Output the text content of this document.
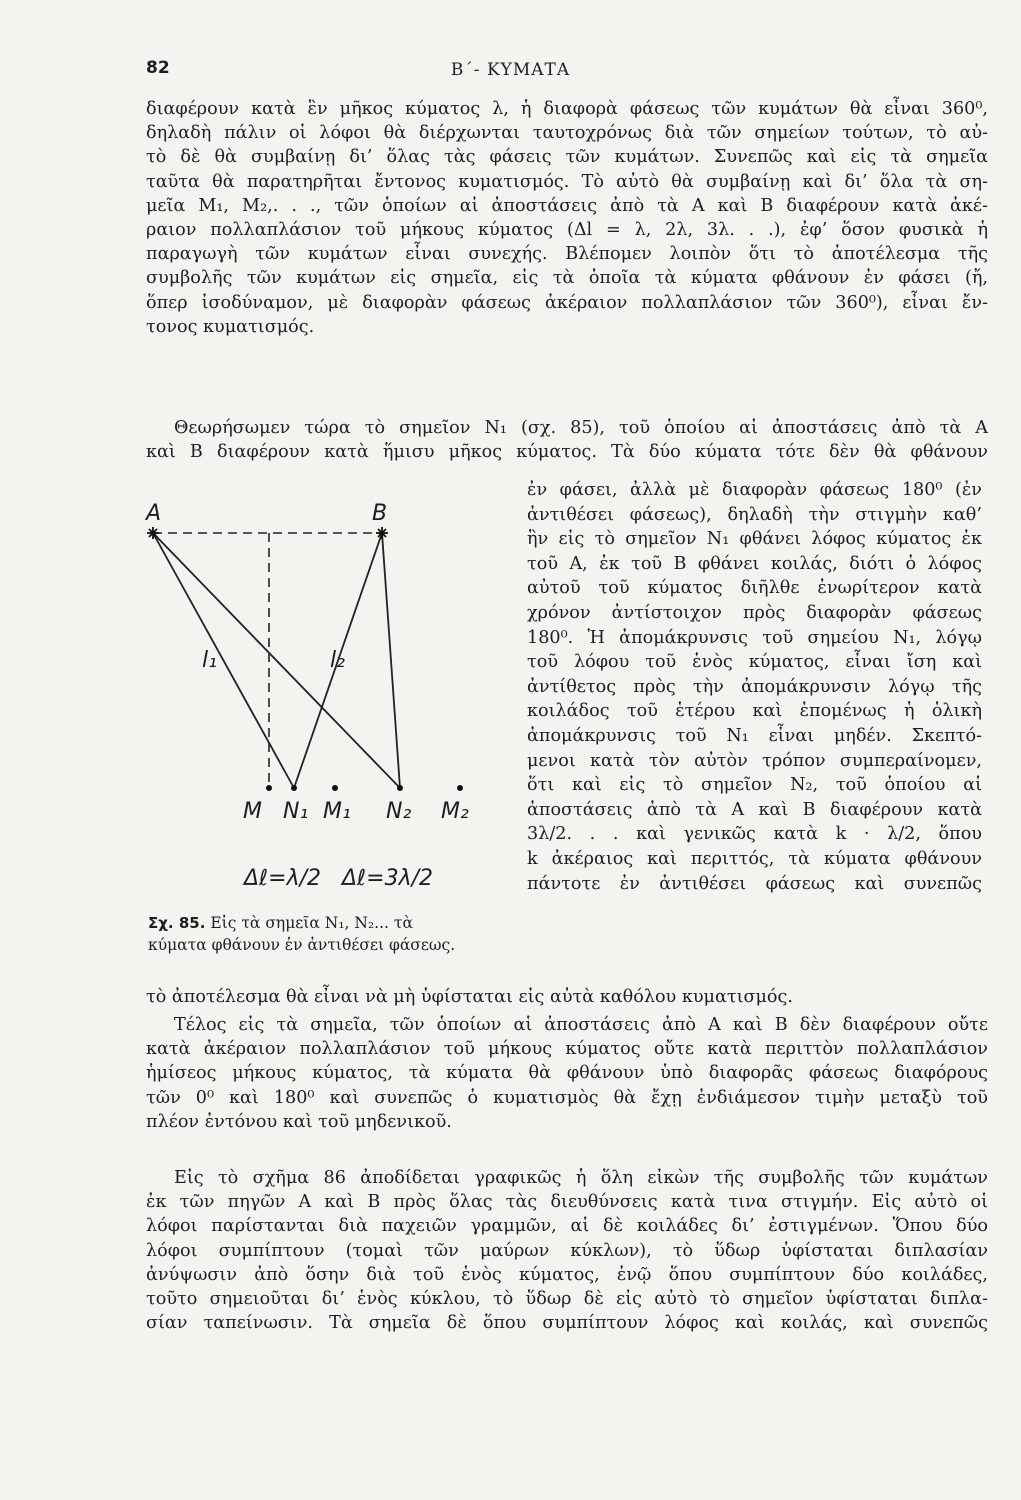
82	Β΄- ΚΥΜΑΤΑ
διαφέρουν κατὰ ἓν μῆκος κύματος λ, ἡ διαφορὰ φάσεως τῶν κυμάτων θὰ εἶναι 360⁰,
δηλαδὴ πάλιν οἱ λόφοι θὰ διέρχωνται ταυτοχρόνως διὰ τῶν σημείων τούτων, τὸ αὐ-
τὸ δὲ θὰ συμβαίνῃ δι’ ὅλας τὰς φάσεις τῶν κυμάτων. Συνεπῶς καὶ εἰς τὰ σημεῖα
ταῦτα θὰ παρατηρῆται ἔντονος κυματισμός. Τὸ αὐτὸ θὰ συμβαίνῃ καὶ δι’ ὅλα τὰ ση-
μεῖα M₁, M₂,. . ., τῶν ὁποίων αἱ ἀποστάσεις ἀπὸ τὰ A καὶ B διαφέρουν κατὰ ἀκέ-
ραιον πολλαπλάσιον τοῦ μήκους κύματος (Δl = λ, 2λ, 3λ. . .), ἐφ’ ὅσον φυσικὰ ἡ
παραγωγὴ τῶν κυμάτων εἶναι συνεχής. Βλέπομεν λοιπὸν ὅτι τὸ ἀποτέλεσμα τῆς
συμβολῆς τῶν κυμάτων εἰς σημεῖα, εἰς τὰ ὁποῖα τὰ κύματα φθάνουν ἐν φάσει (ἤ,
ὅπερ ἰσοδύναμον, μὲ διαφορὰν φάσεως ἀκέραιον πολλαπλάσιον τῶν 360⁰), εἶναι ἔν-
τονος κυματισμός.
Θεωρήσωμεν τώρα τὸ σημεῖον N₁ (σχ. 85), τοῦ ὁποίου αἱ ἀποστάσεις ἀπὸ τὰ A
καὶ B διαφέρουν κατὰ ἥμισυ μῆκος κύματος. Τὰ δύο κύματα τότε δὲν θὰ φθάνουν
ἐν φάσει, ἀλλὰ μὲ διαφορὰν φάσεως 180⁰ (ἐν
ἀντιθέσει φάσεως), δηλαδὴ τὴν στιγμὴν καθ’
ἣν εἰς τὸ σημεῖον N₁ φθάνει λόφος κύματος ἐκ
τοῦ A, ἐκ τοῦ B φθάνει κοιλάς, διότι ὁ λόφος
αὐτοῦ τοῦ κύματος διῆλθε ἐνωρίτερον κατὰ
χρόνον ἀντίστοιχον πρὸς διαφορὰν φάσεως
180⁰. Ἡ ἀπομάκρυνσις τοῦ σημείου N₁, λόγῳ
τοῦ λόφου τοῦ ἑνὸς κύματος, εἶναι ἴση καὶ
ἀντίθετος πρὸς τὴν ἀπομάκρυνσιν λόγῳ τῆς
κοιλάδος τοῦ ἑτέρου καὶ ἑπομένως ἡ ὁλικὴ
ἀπομάκρυνσις τοῦ N₁ εἶναι μηδέν. Σκεπτό-
μενοι κατὰ τὸν αὐτὸν τρόπον συμπεραίνομεν,
ὅτι καὶ εἰς τὸ σημεῖον N₂, τοῦ ὁποίου αἱ
ἀποστάσεις ἀπὸ τὰ A καὶ B διαφέρουν κατὰ
3λ/2. . . καὶ γενικῶς κατὰ k · λ/2, ὅπου
k ἀκέραιος καὶ περιττός, τὰ κύματα φθάνουν
πάντοτε ἐν ἀντιθέσει φάσεως καὶ συνεπῶς
A	B
l₁	l₂
M N₁ M₁ N₂ M₂
Δℓ=λ/2 Δℓ=3λ/2
Σχ. 85. Εἰς τὰ σημεῖα N₁, N₂... τὰ
κύματα φθάνουν ἐν ἀντιθέσει φάσεως.
τὸ ἀποτέλεσμα θὰ εἶναι νὰ μὴ ὑφίσταται εἰς αὐτὰ καθόλου κυματισμός.
Τέλος εἰς τὰ σημεῖα, τῶν ὁποίων αἱ ἀποστάσεις ἀπὸ A καὶ B δὲν διαφέρουν οὔτε
κατὰ ἀκέραιον πολλαπλάσιον τοῦ μήκους κύματος οὔτε κατὰ περιττὸν πολλαπλάσιον
ἡμίσεος μήκους κύματος, τὰ κύματα θὰ φθάνουν ὑπὸ διαφορᾶς φάσεως διαφόρους
τῶν 0⁰ καὶ 180⁰ καὶ συνεπῶς ὁ κυματισμὸς θὰ ἔχῃ ἐνδιάμεσον τιμὴν μεταξὺ τοῦ
πλέον ἐντόνου καὶ τοῦ μηδενικοῦ.
Εἰς τὸ σχῆμα 86 ἀποδίδεται γραφικῶς ἡ ὅλη εἰκὼν τῆς συμβολῆς τῶν κυμάτων
ἐκ τῶν πηγῶν A καὶ B πρὸς ὅλας τὰς διευθύνσεις κατὰ τινα στιγμήν. Εἰς αὐτὸ οἱ
λόφοι παρίστανται διὰ παχειῶν γραμμῶν, αἱ δὲ κοιλάδες δι’ ἐστιγμένων. Ὅπου δύο
λόφοι συμπίπτουν (τομαὶ τῶν μαύρων κύκλων), τὸ ὕδωρ ὑφίσταται διπλασίαν
ἀνύψωσιν ἀπὸ ὅσην διὰ τοῦ ἑνὸς κύματος, ἐνῷ ὅπου συμπίπτουν δύο κοιλάδες,
τοῦτο σημειοῦται δι’ ἑνὸς κύκλου, τὸ ὕδωρ δὲ εἰς αὐτὸ τὸ σημεῖον ὑφίσταται διπλα-
σίαν ταπείνωσιν. Τὰ σημεῖα δὲ ὅπου συμπίπτουν λόφος καὶ κοιλάς, καὶ συνεπῶς
